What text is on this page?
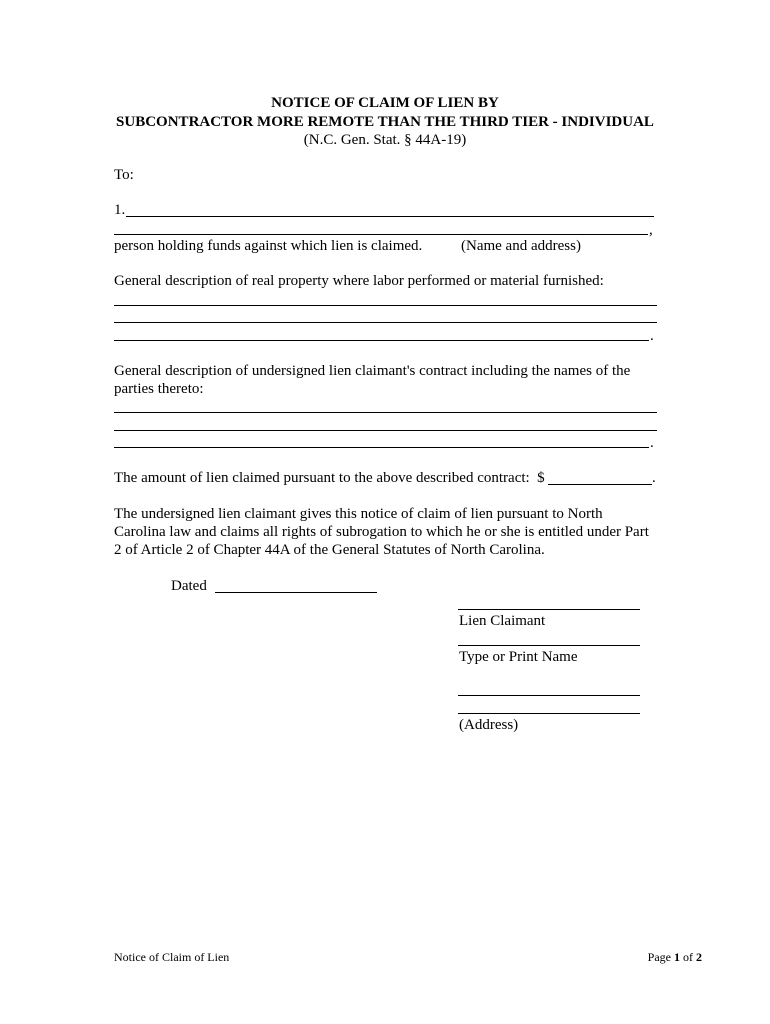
NOTICE OF CLAIM OF LIEN BY
SUBCONTRACTOR MORE REMOTE THAN THE THIRD TIER - INDIVIDUAL
(N.C. Gen. Stat. § 44A-19)
To:
1.
,
person holding funds against which lien is claimed.	(Name and address)
General description of real property where labor performed or material furnished:
.
General description of undersigned lien claimant's contract including the names of the
parties thereto:
.
The amount of lien claimed pursuant to the above described contract:  $	.
The undersigned lien claimant gives this notice of claim of lien pursuant to North
Carolina law and claims all rights of subrogation to which he or she is entitled under Part
2 of Article 2 of Chapter 44A of the General Statutes of North Carolina.
Dated
Lien Claimant
Type or Print Name
(Address)
Notice of Claim of Lien	Page 1 of 2
